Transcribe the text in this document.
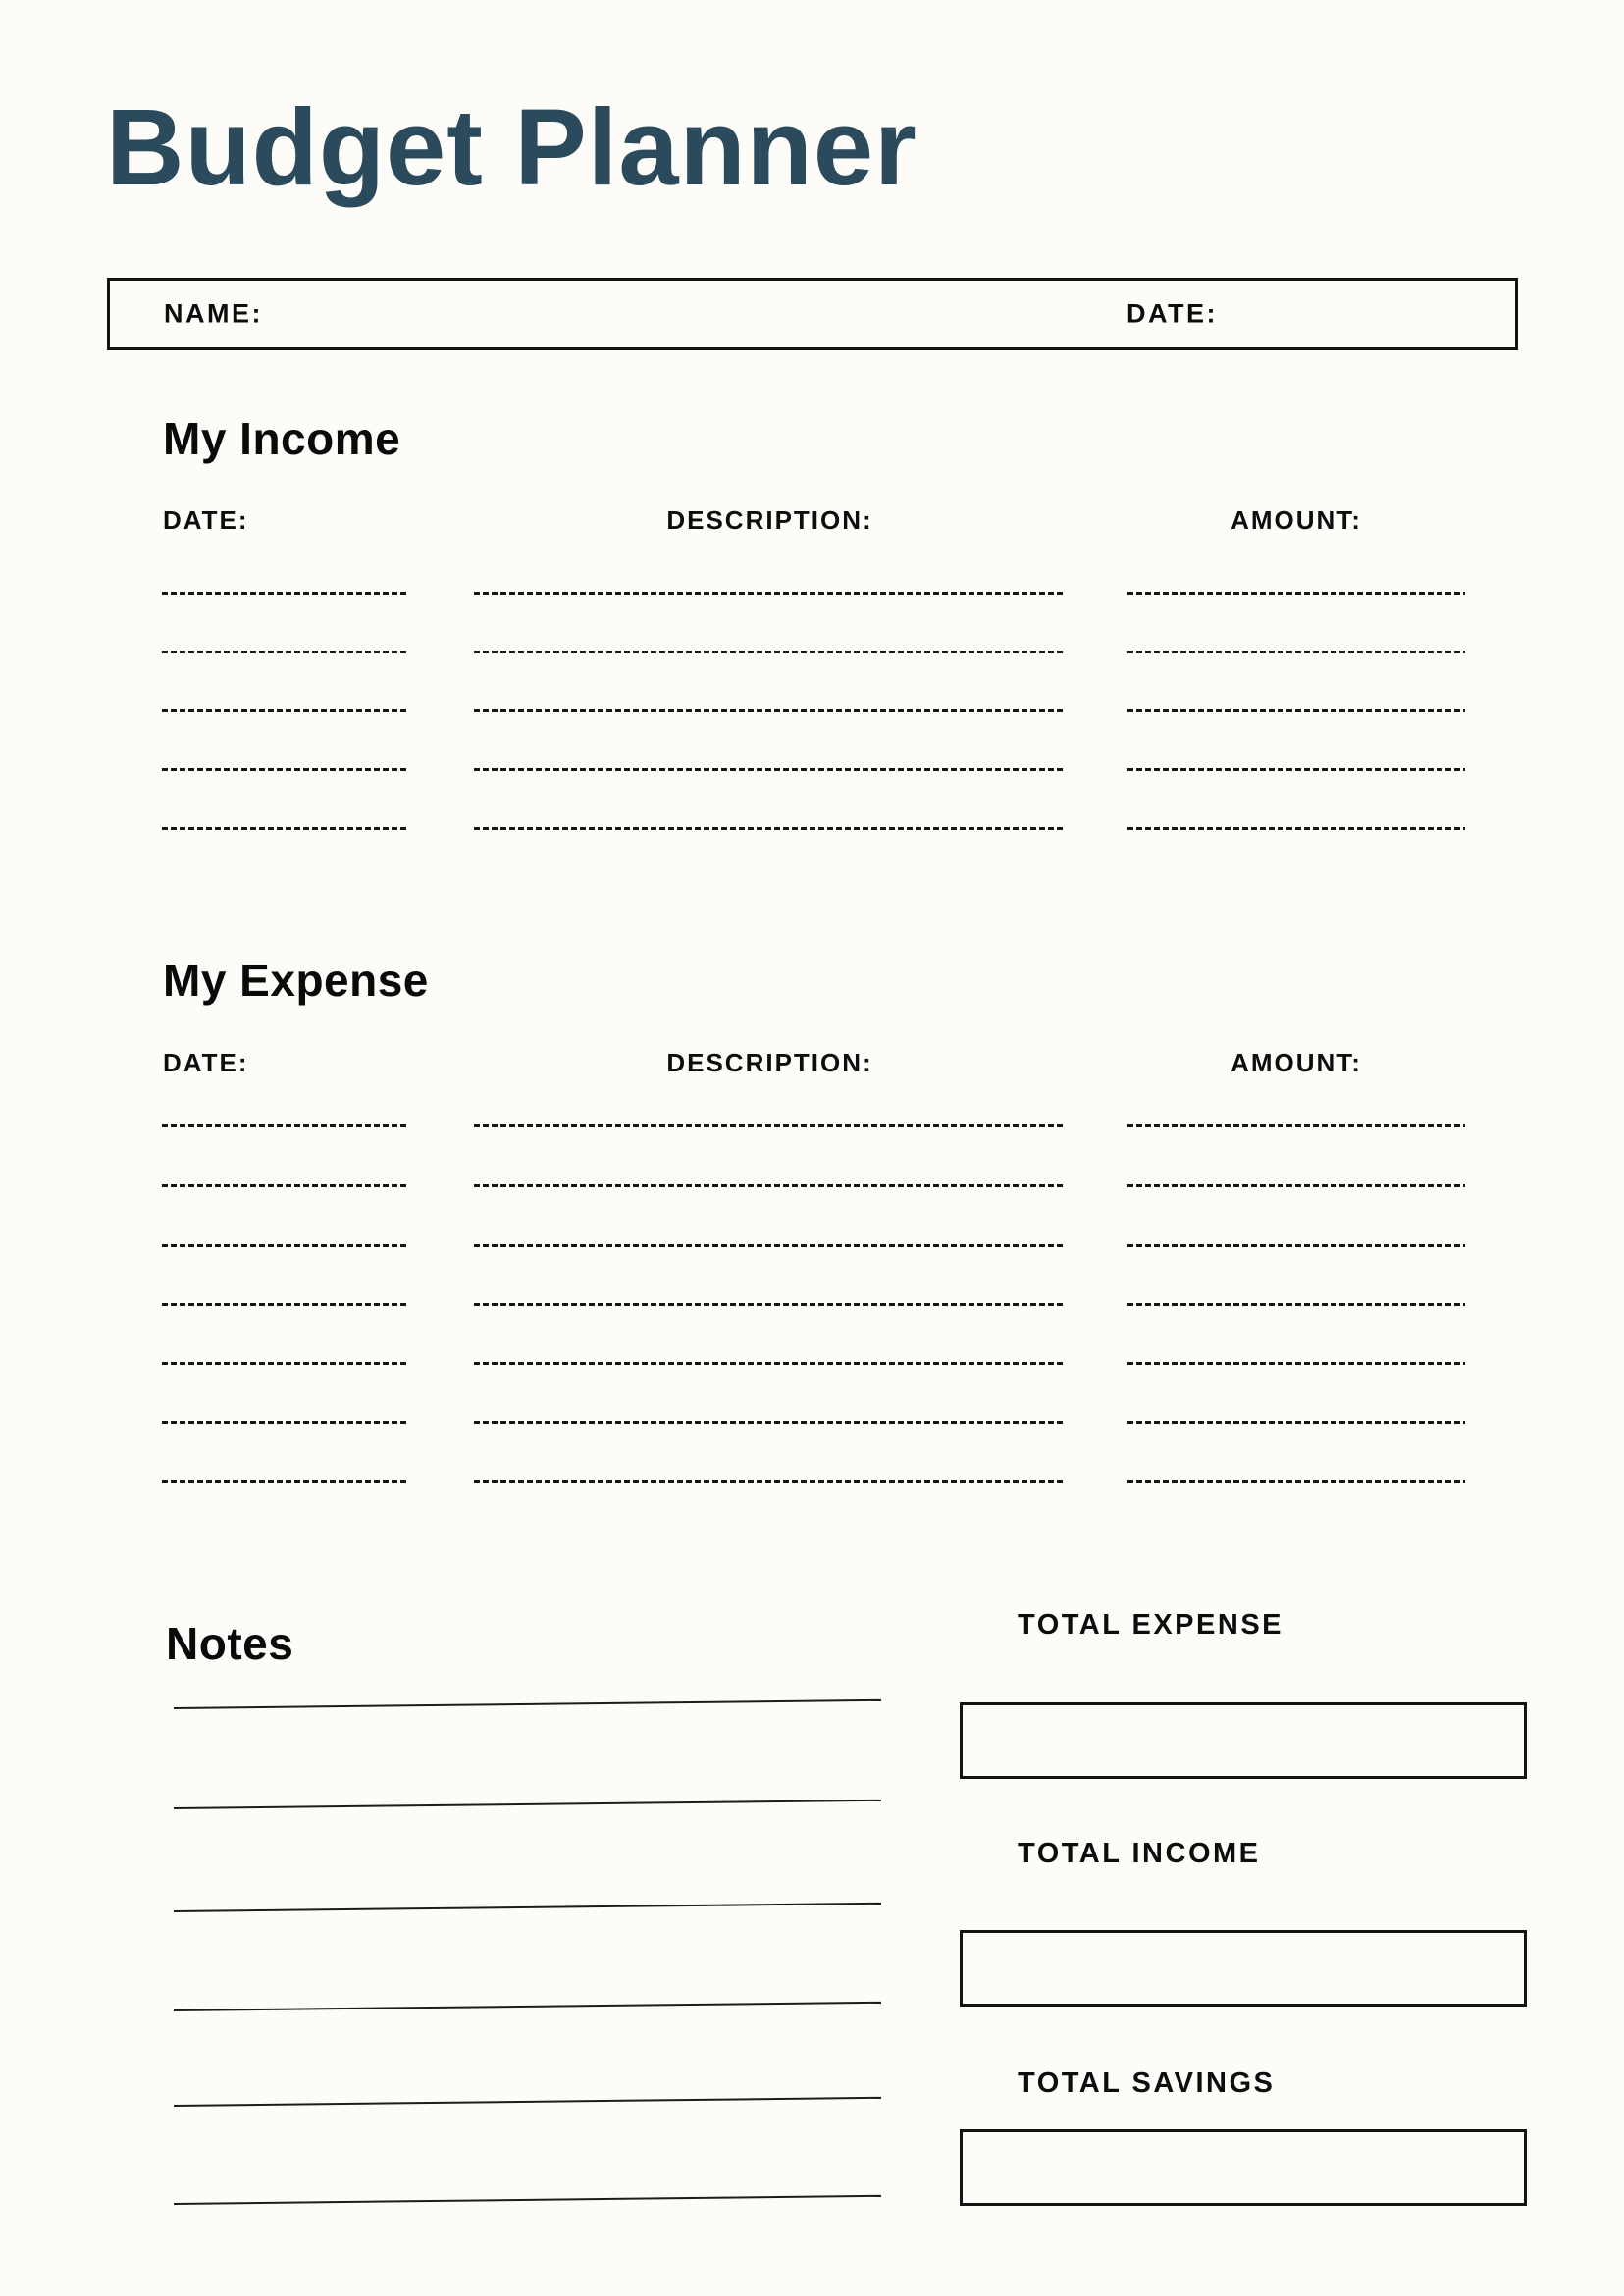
Budget Planner
NAME:	DATE:
My Income
DATE:	DESCRIPTION:	AMOUNT:
My Expense
DATE:	DESCRIPTION:	AMOUNT:
Notes	TOTAL EXPENSE
TOTAL INCOME
TOTAL SAVINGS
